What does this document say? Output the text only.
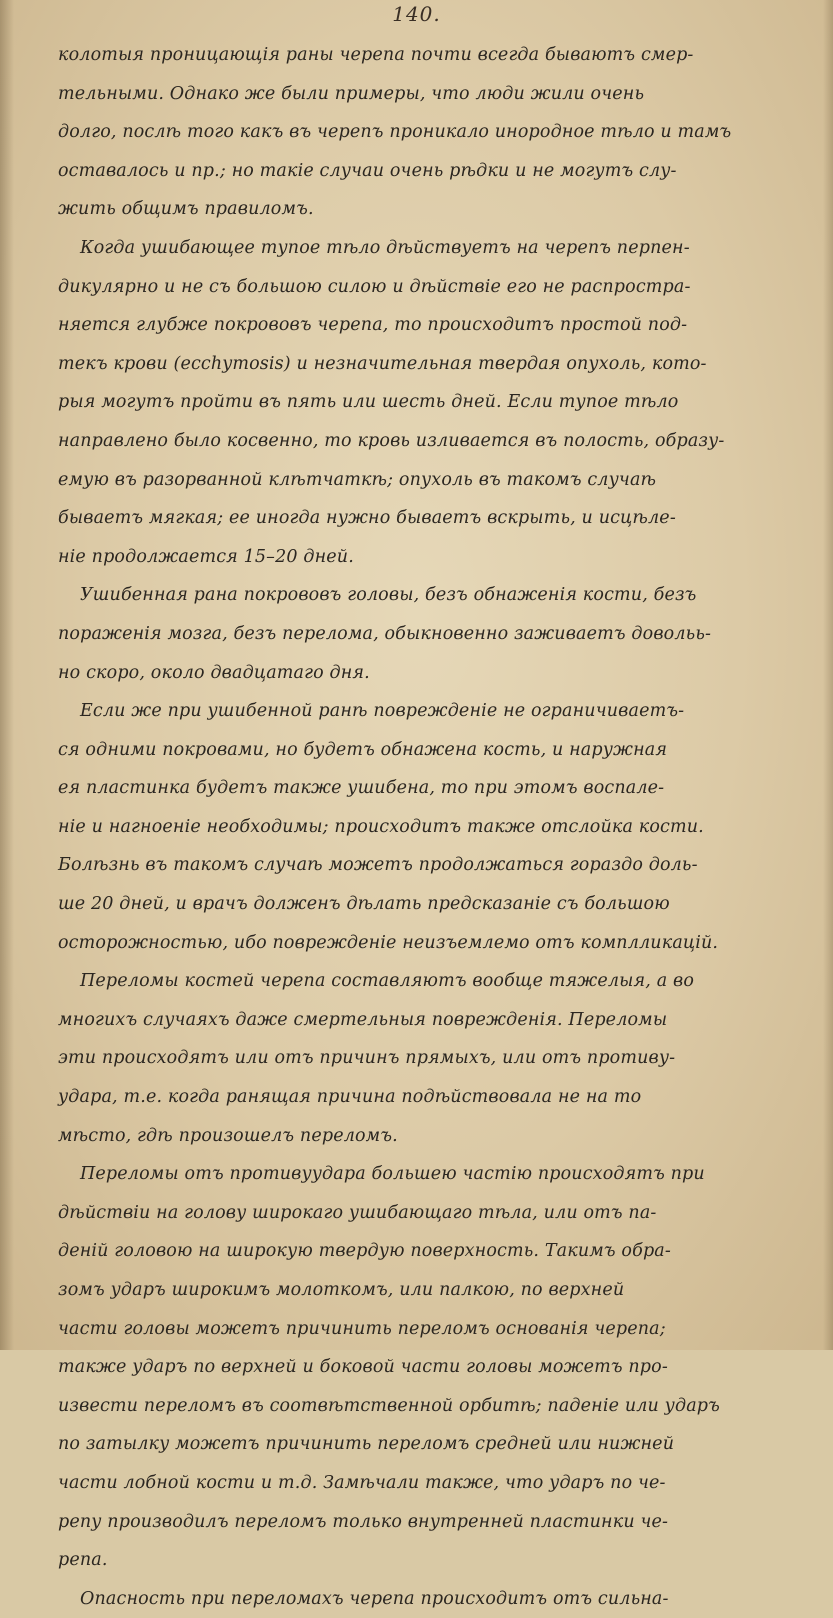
140.
колотыя проницающія раны черепа почти всегда бываютъ смер-
тельными. Однако же были примеры, что люди жили очень
долго, послѣ того какъ въ черепъ проникало инородное тѣло и тамъ
оставалось и пр.; но такіе случаи очень рѣдки и не могутъ слу-
жить общимъ правиломъ.
Когда ушибающее тупое тѣло дѣйствуетъ на черепъ перпен-
дикулярно и не съ большою силою и дѣйствіе его не распростра-
няется глубже покрововъ черепа, то происходитъ простой под-
текъ крови (ecchymosis) и незначительная твердая опухоль, кото-
рыя могутъ пройти въ пять или шесть дней. Если тупое тѣло
направлено было косвенно, то кровь изливается въ полость, образу-
емую въ разорванной клѣтчаткѣ; опухоль въ такомъ случаѣ
бываетъ мягкая; ее иногда нужно бываетъ вскрыть, и исцѣле-
ніе продолжается 15–20 дней.
Ушибенная рана покрововъ головы, безъ обнаженія кости, безъ
пораженія мозга, безъ перелома, обыкновенно заживаетъ довольь-
но скоро, около двадцатаго дня.
Если же при ушибенной ранѣ поврежденіе не ограничиваетъ-
ся одними покровами, но будетъ обнажена кость, и наружная
ея пластинка будетъ также ушибена, то при этомъ воспале-
ніе и нагноеніе необходимы; происходитъ также отслойка кости.
Болѣзнь въ такомъ случаѣ можетъ продолжаться гораздо доль-
ше 20 дней, и врачъ долженъ дѣлать предсказаніе съ большою
осторожностью, ибо поврежденіе неизъемлемо отъ комплликацій.
Переломы костей черепа составляютъ вообще тяжелыя, а во
многихъ случаяхъ даже смертельныя поврежденія. Переломы
эти происходятъ или отъ причинъ прямыхъ, или отъ противу-
удара, т.е. когда ранящая причина подѣйствовала не на то
мѣсто, гдѣ произошелъ переломъ.
Переломы отъ противуудара большею частію происходятъ при
дѣйствіи на голову широкаго ушибающаго тѣла, или отъ па-
деній головою на широкую твердую поверхность. Такимъ обра-
зомъ ударъ широкимъ молоткомъ, или палкою, по верхней
части головы можетъ причинить переломъ основанія черепа;
также ударъ по верхней и боковой части головы можетъ про-
извести переломъ въ соотвѣтственной орбитѣ; паденіе или ударъ
по затылку можетъ причинить переломъ средней или нижней
части лобной кости и т.д. Замѣчали также, что ударъ по че-
репу производилъ переломъ только внутренней пластинки че-
репа.
Опасность при переломахъ черепа происходитъ отъ сильна-
